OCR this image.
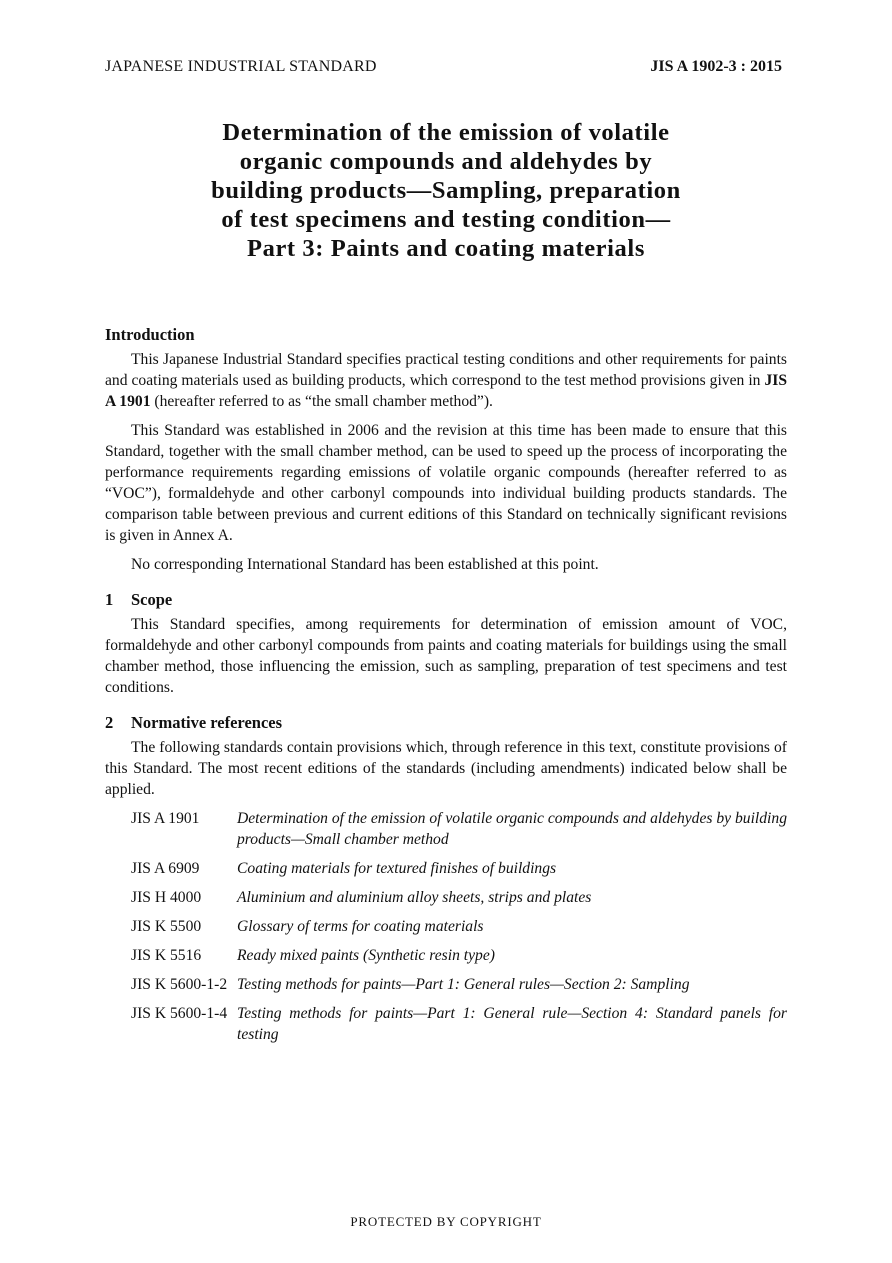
JAPANESE INDUSTRIAL STANDARD	JIS A 1902-3 : 2015
Determination of the emission of volatile
organic compounds and aldehydes by
building products—Sampling, preparation
of test specimens and testing condition—
Part 3: Paints and coating materials
Introduction

This Japanese Industrial Standard specifies practical testing conditions and other requirements for paints and coating materials used as building products, which correspond to the test method provisions given in JIS A 1901 (hereafter referred to as “the small chamber method”).

This Standard was established in 2006 and the revision at this time has been made to ensure that this Standard, together with the small chamber method, can be used to speed up the process of incorporating the performance requirements regarding emissions of volatile organic compounds (hereafter referred to as “VOC”), formaldehyde and other carbonyl compounds into individual building products standards. The comparison table between previous and current editions of this Standard on technically significant revisions is given in Annex A.

No corresponding International Standard has been established at this point.

1 Scope

This Standard specifies, among requirements for determination of emission amount of VOC, formaldehyde and other carbonyl compounds from paints and coating materials for buildings using the small chamber method, those influencing the emission, such as sampling, preparation of test specimens and test conditions.

2 Normative references

The following standards contain provisions which, through reference in this text, constitute provisions of this Standard. The most recent editions of the standards (including amendments) indicated below shall be applied.

JIS A 1901	Determination of the emission of volatile organic compounds and aldehydes by building products—Small chamber method
JIS A 6909	Coating materials for textured finishes of buildings
JIS H 4000	Aluminium and aluminium alloy sheets, strips and plates
JIS K 5500	Glossary of terms for coating materials
JIS K 5516	Ready mixed paints (Synthetic resin type)
JIS K 5600-1-2 Testing methods for paints—Part 1: General rules—Section 2: Sampling
JIS K 5600-1-4 Testing methods for paints—Part 1: General rule—Section 4: Standard panels for testing
PROTECTED BY COPYRIGHT
